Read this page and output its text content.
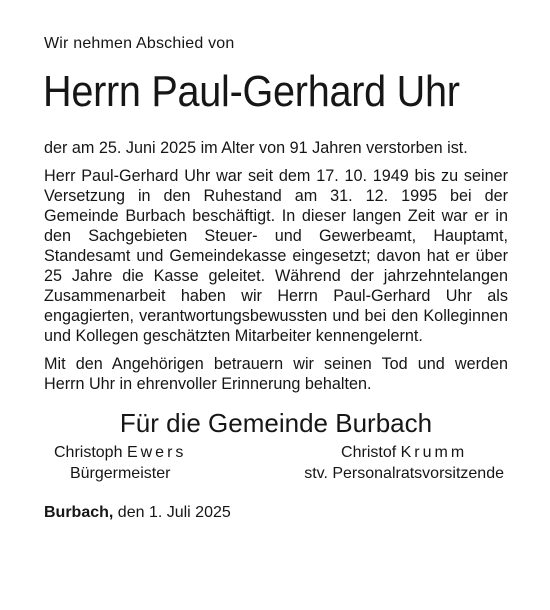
Wir nehmen Abschied von
Herrn Paul-Gerhard Uhr

der am 25. Juni 2025 im Alter von 91 Jahren verstorben ist.

Herr Paul-Gerhard Uhr war seit dem 17. 10. 1949 bis zu seiner Versetzung in den Ruhestand am 31. 12. 1995 bei der Gemeinde Burbach beschäftigt. In dieser langen Zeit war er in den Sachgebieten Steuer- und Gewerbeamt, Hauptamt, Standesamt und Gemeindekasse eingesetzt; davon hat er über 25 Jahre die Kasse geleitet. Während der jahrzehntelangen Zusammenarbeit haben wir Herrn Paul-Gerhard Uhr als engagierten, verantwortungsbewussten und bei den Kolleginnen und Kollegen geschätzten Mitarbeiter kennengelernt.

Mit den Angehörigen betrauern wir seinen Tod und werden Herrn Uhr in ehrenvoller Erinnerung behalten.

Für die Gemeinde Burbach
Christoph Ewers
Bürgermeister
Christof Krumm
stv. Personalratsvorsitzende
Burbach, den 1. Juli 2025
